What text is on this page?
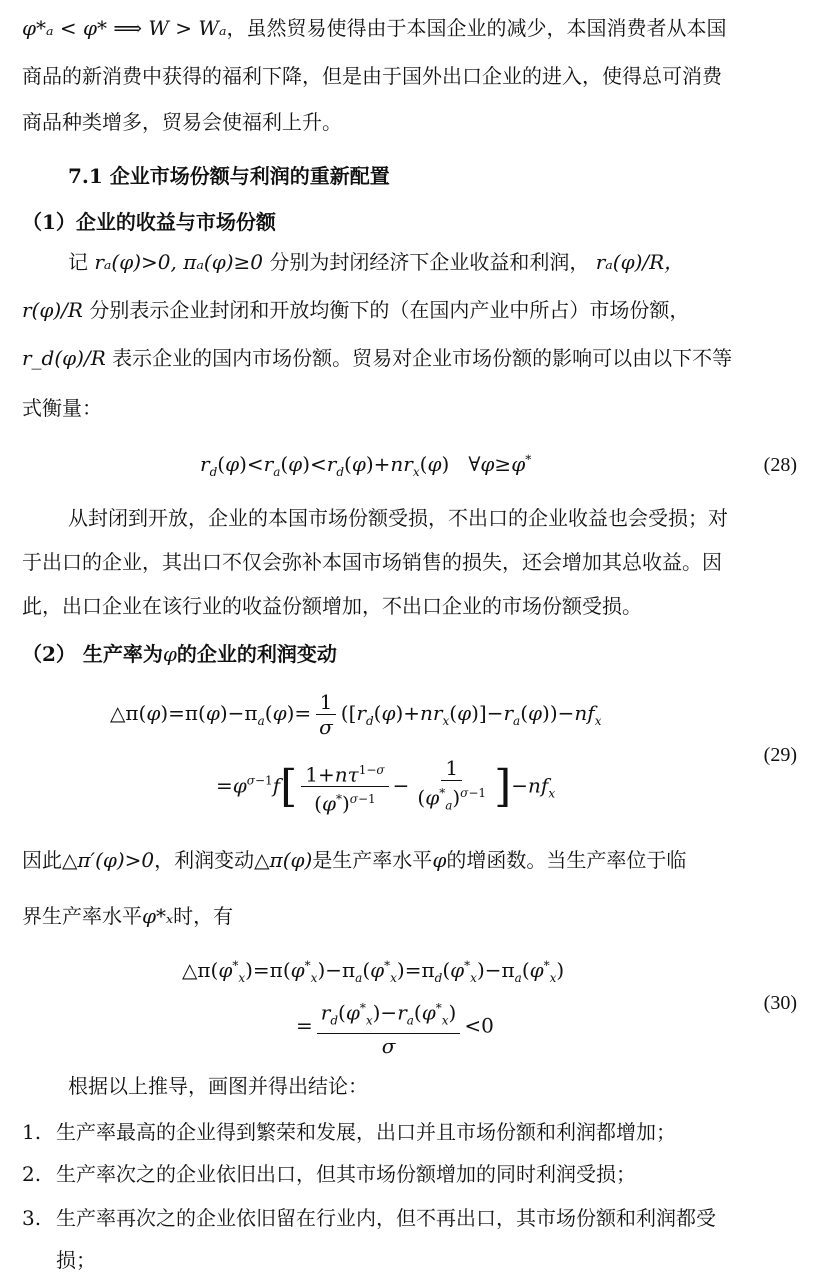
φ*ₐ < φ* ⟹ W > Wₐ，虽然贸易使得由于本国企业的减少，本国消费者从本国
商品的新消费中获得的福利下降，但是由于国外出口企业的进入，使得总可消费
商品种类增多，贸易会使福利上升。
7.1 企业市场份额与利润的重新配置
（1）企业的收益与市场份额
记 rₐ(φ)>0, πₐ(φ)≥0 分别为封闭经济下企业收益和利润， rₐ(φ)/R，
r(φ)/R 分别表示企业封闭和开放均衡下的（在国内产业中所占）市场份额，
r_d(φ)/R 表示企业的国内市场份额。贸易对企业市场份额的影响可以由以下不等
式衡量：
$r_d(\varphi)<r_a(\varphi)<r_d(\varphi)+nr_x(\varphi)$   ∀φ≥φ*	(28)
从封闭到开放，企业的本国市场份额受损，不出口的企业收益也会受损；对
于出口的企业，其出口不仅会弥补本国市场销售的损失，还会增加其总收益。因
此，出口企业在该行业的收益份额增加，不出口企业的市场份额受损。
（2） 生产率为φ的企业的利润变动
$\triangle\pi(\varphi)=\pi(\varphi)-\pi_a(\varphi)= \frac{1}{\sigma} ([r_d(\varphi)+nr_x(\varphi)]-r_a(\varphi))-nf_x$
(29)
$=\varphi^{\sigma-1}f[ \frac{1+n\tau^{1-\sigma}}{(\varphi^*)^{\sigma-1}} - \frac{1}{(\varphi^*_a)^{\sigma-1}} ]-nf_x$
因此△π′(φ)>0，利润变动△π(φ)是生产率水平φ的增函数。当生产率位于临
界生产率水平φ*ₓ时，有
$\triangle\pi(\varphi^*_x)=\pi(\varphi^*_x)-\pi_a(\varphi^*_x)=\pi_d(\varphi^*_x)-\pi_a(\varphi^*_x)$
(30)
= $\frac{r_d(\varphi^*_x)-r_a(\varphi^*_x)}{\sigma} <0$
根据以上推导，画图并得出结论：
1. 生产率最高的企业得到繁荣和发展，出口并且市场份额和利润都增加；
2. 生产率次之的企业依旧出口，但其市场份额增加的同时利润受损；
3. 生产率再次之的企业依旧留在行业内，但不再出口，其市场份额和利润都受
损；
